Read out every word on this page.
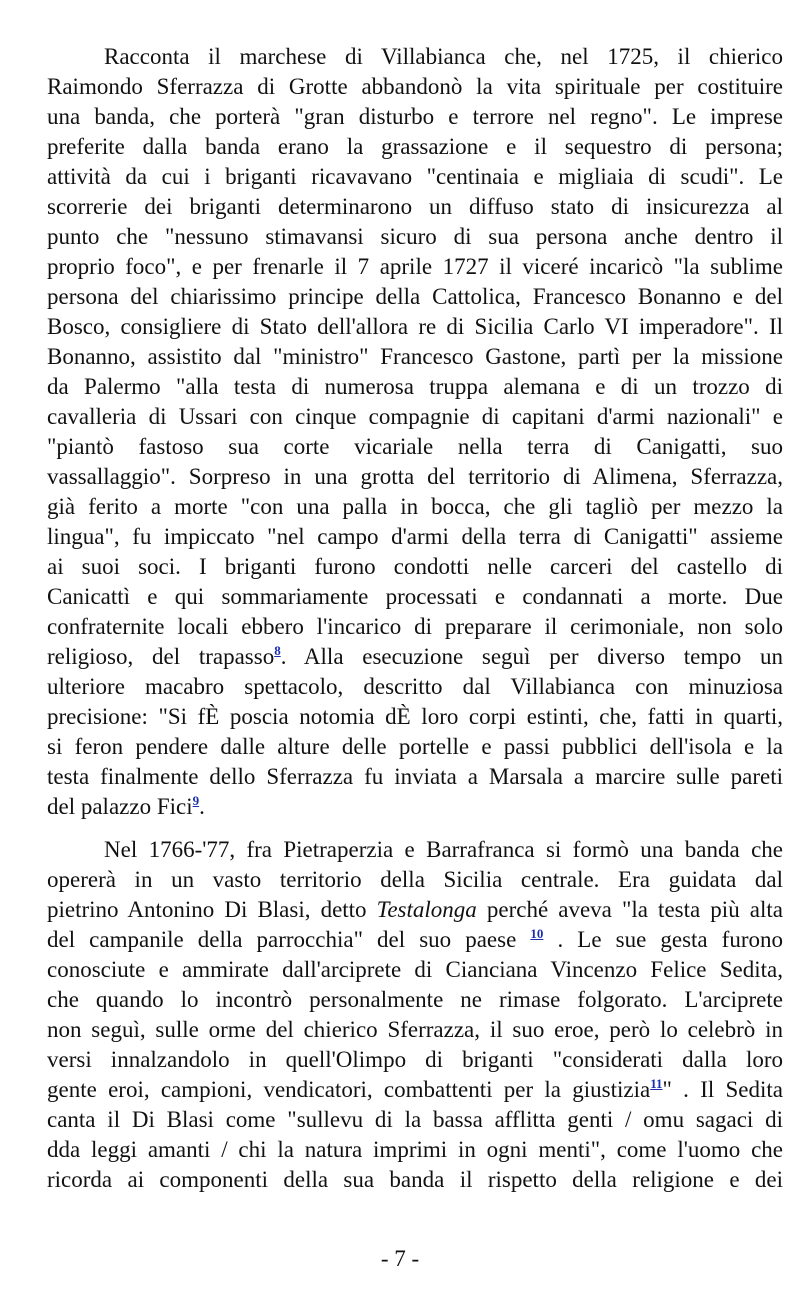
Racconta il marchese di Villabianca che, nel 1725, il chierico
Raimondo Sferrazza di Grotte abbandonò la vita spirituale per costituire
una banda, che porterà "gran disturbo e terrore nel regno". Le imprese
preferite dalla banda erano la grassazione e il sequestro di persona;
attività da cui i briganti ricavavano "centinaia e migliaia di scudi". Le
scorrerie dei briganti determinarono un diffuso stato di insicurezza al
punto che "nessuno stimavansi sicuro di sua persona anche dentro il
proprio foco", e per frenarle il 7 aprile 1727 il viceré incaricò "la sublime
persona del chiarissimo principe della Cattolica, Francesco Bonanno e del
Bosco, consigliere di Stato dell'allora re di Sicilia Carlo VI imperadore". Il
Bonanno, assistito dal "ministro" Francesco Gastone, partì per la missione
da Palermo "alla testa di numerosa truppa alemana e di un trozzo di
cavalleria di Ussari con cinque compagnie di capitani d'armi nazionali" e
"piantò fastoso sua corte vicariale nella terra di Canigatti, suo
vassallaggio". Sorpreso in una grotta del territorio di Alimena, Sferrazza,
già ferito a morte "con una palla in bocca, che gli tagliò per mezzo la
lingua", fu impiccato "nel campo d'armi della terra di Canigatti" assieme
ai suoi soci. I briganti furono condotti nelle carceri del castello di
Canicattì e qui sommariamente processati e condannati a morte. Due
confraternite locali ebbero l'incarico di preparare il cerimoniale, non solo
religioso, del trapasso$^8$. Alla esecuzione seguì per diverso tempo un
ulteriore macabro spettacolo, descritto dal Villabianca con minuziosa
precisione: "Si fÈ poscia notomia dÈ loro corpi estinti, che, fatti in quarti,
si feron pendere dalle alture delle portelle e passi pubblici dell'isola e la
testa finalmente dello Sferrazza fu inviata a Marsala a marcire sulle pareti
del palazzo Fici$^9$.
Nel 1766-'77, fra Pietraperzia e Barrafranca si formò una banda che
opererà in un vasto territorio della Sicilia centrale. Era guidata dal
pietrino Antonino Di Blasi, detto Testalonga perché aveva "la testa più alta
del campanile della parrocchia" del suo paese $^{10}$ . Le sue gesta furono
conosciute e ammirate dall'arciprete di Cianciana Vincenzo Felice Sedita,
che quando lo incontrò personalmente ne rimase folgorato. L'arciprete
non seguì, sulle orme del chierico Sferrazza, il suo eroe, però lo celebrò in
versi innalzandolo in quell'Olimpo di briganti "considerati dalla loro
gente eroi, campioni, vendicatori, combattenti per la giustizia$^{11}$" . Il Sedita
canta il Di Blasi come "sullevu di la bassa afflitta genti / omu sagaci di
dda leggi amanti / chi la natura imprimi in ogni menti", come l'uomo che
ricorda ai componenti della sua banda il rispetto della religione e dei
- 7 -
